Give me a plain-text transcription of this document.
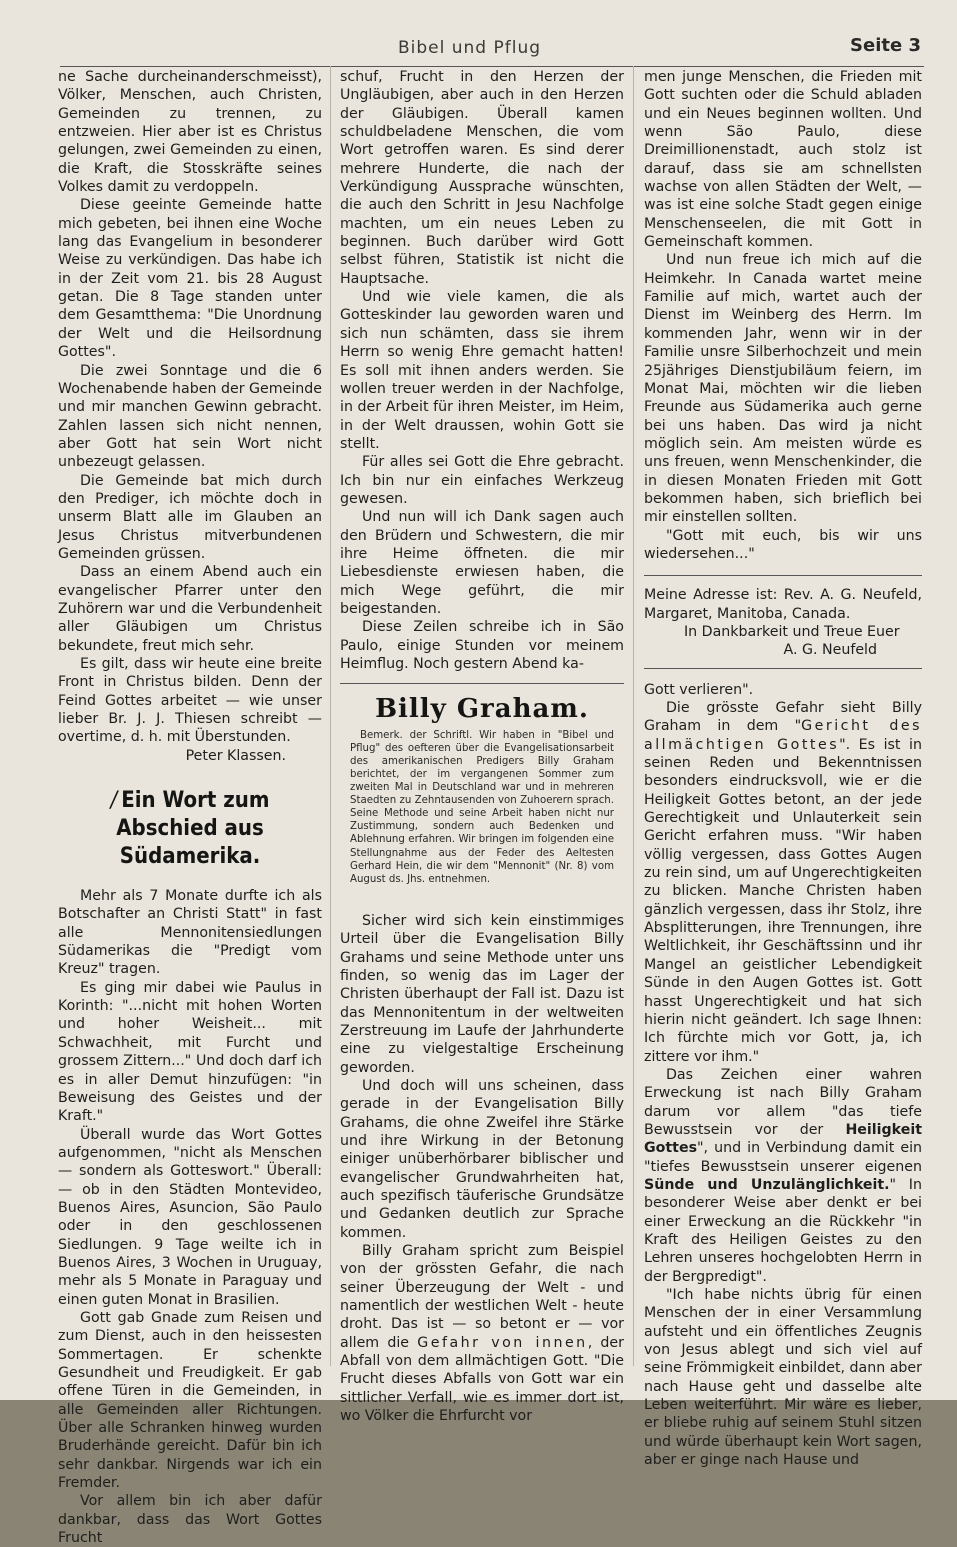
Bibel und Pflug	Seite 3

ne Sache durcheinanderschmeisst), Völker, Menschen, auch Christen, Gemeinden zu trennen, zu entzweien. Hier aber ist es Christus gelungen, zwei Gemeinden zu einen, die Kraft, die Stosskräfte seines Volkes damit zu verdoppeln.

Diese geeinte Gemeinde hatte mich gebeten, bei ihnen eine Woche lang das Evangelium in besonderer Weise zu verkündigen. Das habe ich in der Zeit vom 21. bis 28 August getan. Die 8 Tage standen unter dem Gesamtthema: "Die Unordnung der Welt und die Heilsordnung Gottes".

Die zwei Sonntage und die 6 Wochenabende haben der Gemeinde und mir manchen Gewinn gebracht. Zahlen lassen sich nicht nennen, aber Gott hat sein Wort nicht unbezeugt gelassen.

Die Gemeinde bat mich durch den Prediger, ich möchte doch in unserm Blatt alle im Glauben an Jesus Christus mitverbundenen Gemeinden grüssen.

Dass an einem Abend auch ein evangelischer Pfarrer unter den Zuhörern war und die Verbundenheit aller Gläubigen um Christus bekundete, freut mich sehr.

Es gilt, dass wir heute eine breite Front in Christus bilden. Denn der Feind Gottes arbeitet — wie unser lieber Br. J. J. Thiesen schreibt — overtime, d. h. mit Überstunden.

Peter Klassen.

/ Ein Wort zum Abschied aus Südamerika.

Mehr als 7 Monate durfte ich als Botschafter an Christi Statt" in fast alle Mennonitensiedlungen Südamerikas die "Predigt vom Kreuz" tragen.

Es ging mir dabei wie Paulus in Korinth: "...nicht mit hohen Worten und hoher Weisheit... mit Schwachheit, mit Furcht und grossem Zittern..." Und doch darf ich es in aller Demut hinzufügen: "in Beweisung des Geistes und der Kraft."

Überall wurde das Wort Gottes aufgenommen, "nicht als Menschen — sondern als Gotteswort." Überall: — ob in den Städten Montevideo, Buenos Aires, Asuncion, São Paulo oder in den geschlossenen Siedlungen. 9 Tage weilte ich in Buenos Aires, 3 Wochen in Uruguay, mehr als 5 Monate in Paraguay und einen guten Monat in Brasilien.

Gott gab Gnade zum Reisen und zum Dienst, auch in den heissesten Sommertagen. Er schenkte Gesundheit und Freudigkeit. Er gab offene Türen in die Gemeinden, in alle Gemeinden aller Richtungen. Über alle Schranken hinweg wurden Bruderhände gereicht. Dafür bin ich sehr dankbar. Nirgends war ich ein Fremder.

Vor allem bin ich aber dafür dankbar, dass das Wort Gottes Frucht

schuf, Frucht in den Herzen der Ungläubigen, aber auch in den Herzen der Gläubigen. Überall kamen schuldbeladene Menschen, die vom Wort getroffen waren. Es sind derer mehrere Hunderte, die nach der Verkündigung Aussprache wünschten, die auch den Schritt in Jesu Nachfolge machten, um ein neues Leben zu beginnen. Buch darüber wird Gott selbst führen, Statistik ist nicht die Hauptsache.

Und wie viele kamen, die als Gotteskinder lau geworden waren und sich nun schämten, dass sie ihrem Herrn so wenig Ehre gemacht hatten! Es soll mit ihnen anders werden. Sie wollen treuer werden in der Nachfolge, in der Arbeit für ihren Meister, im Heim, in der Welt draussen, wohin Gott sie stellt.

Für alles sei Gott die Ehre gebracht. Ich bin nur ein einfaches Werkzeug gewesen.

Und nun will ich Dank sagen auch den Brüdern und Schwestern, die mir ihre Heime öffneten. die mir Liebesdienste erwiesen haben, die mich Wege geführt, die mir beigestanden.

Diese Zeilen schreibe ich in São Paulo, einige Stunden vor meinem Heimflug. Noch gestern Abend ka-

Billy Graham.
Bemerk. der Schriftl. Wir haben in "Bibel und Pflug" des oefteren über die Evangelisationsarbeit des amerikanischen Predigers Billy Graham berichtet, der im vergangenen Sommer zum zweiten Mal in Deutschland war und in mehreren Staedten zu Zehntausenden von Zuhoerern sprach. Seine Methode und seine Arbeit haben nicht nur Zustimmung, sondern auch Bedenken und Ablehnung erfahren. Wir bringen im folgenden eine Stellungnahme aus der Feder des Aeltesten Gerhard Hein, die wir dem "Mennonit" (Nr. 8) vom August ds. Jhs. entnehmen.

Sicher wird sich kein einstimmiges Urteil über die Evangelisation Billy Grahams und seine Methode unter uns finden, so wenig das im Lager der Christen überhaupt der Fall ist. Dazu ist das Mennonitentum in der weltweiten Zerstreuung im Laufe der Jahrhunderte eine zu vielgestaltige Erscheinung geworden.

Und doch will uns scheinen, dass gerade in der Evangelisation Billy Grahams, die ohne Zweifel ihre Stärke und ihre Wirkung in der Betonung einiger unüberhörbarer biblischer und evangelischer Grundwahrheiten hat, auch spezifisch täuferische Grundsätze und Gedanken deutlich zur Sprache kommen.

Billy Graham spricht zum Beispiel von der grössten Gefahr, die nach seiner Überzeugung der Welt - und namentlich der westlichen Welt - heute droht. Das ist — so betont er — vor allem die Gefahr von innen, der Abfall von dem allmächtigen Gott. "Die Frucht dieses Abfalls von Gott war ein sittlicher Verfall, wie es immer dort ist, wo Völker die Ehrfurcht vor

men junge Menschen, die Frieden mit Gott suchten oder die Schuld abladen und ein Neues beginnen wollten. Und wenn São Paulo, diese Dreimillionenstadt, auch stolz ist darauf, dass sie am schnellsten wachse von allen Städten der Welt, — was ist eine solche Stadt gegen einige Menschenseelen, die mit Gott in Gemeinschaft kommen.

Und nun freue ich mich auf die Heimkehr. In Canada wartet meine Familie auf mich, wartet auch der Dienst im Weinberg des Herrn. Im kommenden Jahr, wenn wir in der Familie unsre Silberhochzeit und mein 25jähriges Dienstjubiläum feiern, im Monat Mai, möchten wir die lieben Freunde aus Südamerika auch gerne bei uns haben. Das wird ja nicht möglich sein. Am meisten würde es uns freuen, wenn Menschenkinder, die in diesen Monaten Frieden mit Gott bekommen haben, sich brieflich bei mir einstellen sollten.

"Gott mit euch, bis wir uns wiedersehen..."

Meine Adresse ist: Rev. A. G. Neufeld, Margaret, Manitoba, Canada.

In Dankbarkeit und Treue Euer

A. G. Neufeld

Gott verlieren".

Die grösste Gefahr sieht Billy Graham in dem "Gericht des allmächtigen Gottes". Es ist in seinen Reden und Bekenntnissen besonders eindrucksvoll, wie er die Heiligkeit Gottes betont, an der jede Gerechtigkeit und Unlauterkeit sein Gericht erfahren muss. "Wir haben völlig vergessen, dass Gottes Augen zu rein sind, um auf Ungerechtigkeiten zu blicken. Manche Christen haben gänzlich vergessen, dass ihr Stolz, ihre Absplitterungen, ihre Trennungen, ihre Weltlichkeit, ihr Geschäftssinn und ihr Mangel an geistlicher Lebendigkeit Sünde in den Augen Gottes ist. Gott hasst Ungerechtigkeit und hat sich hierin nicht geändert. Ich sage Ihnen: Ich fürchte mich vor Gott, ja, ich zittere vor ihm."

Das Zeichen einer wahren Erweckung ist nach Billy Graham darum vor allem "das tiefe Bewusstsein vor der Heiligkeit Gottes", und in Verbindung damit ein "tiefes Bewusstsein unserer eigenen Sünde und Unzulänglichkeit." In besonderer Weise aber denkt er bei einer Erweckung an die Rückkehr "in Kraft des Heiligen Geistes zu den Lehren unseres hochgelobten Herrn in der Bergpredigt".

"Ich habe nichts übrig für einen Menschen der in einer Versammlung aufsteht und ein öffentliches Zeugnis von Jesus ablegt und sich viel auf seine Frömmigkeit einbildet, dann aber nach Hause geht und dasselbe alte Leben weiterführt. Mir wäre es lieber, er bliebe ruhig auf seinem Stuhl sitzen und würde überhaupt kein Wort sagen, aber er ginge nach Hause und
